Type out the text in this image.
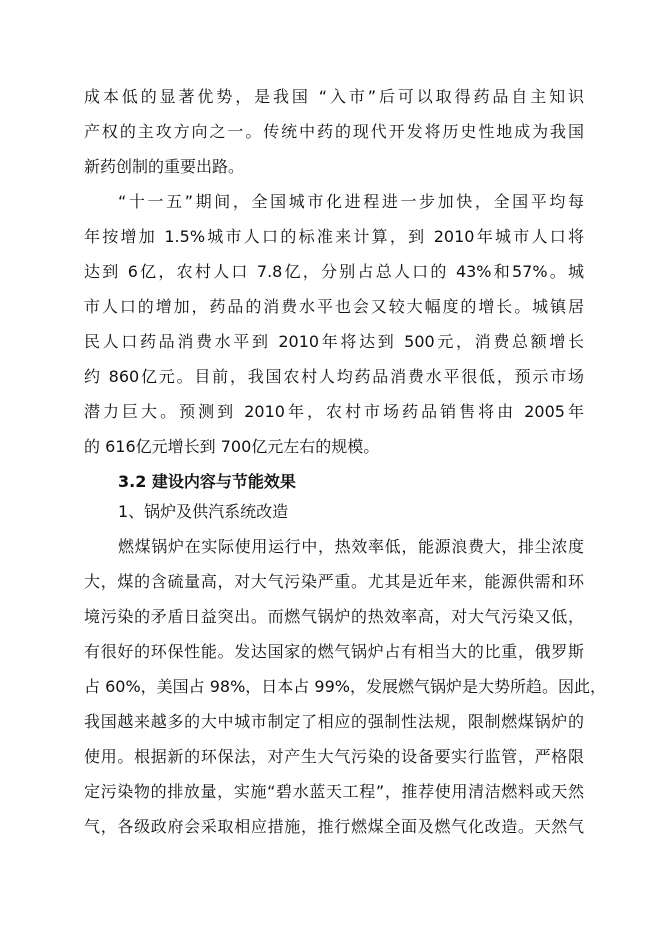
成本低的显著优势，是我国 “入市”后可以取得药品自主知识
产权的主攻方向之一。传统中药的现代开发将历史性地成为我国
新药创制的重要出路。
“十一五”期间，全国城市化进程进一步加快，全国平均每
年按增加 1.5%城市人口的标准来计算，到 2010年城市人口将
达到 6亿，农村人口 7.8亿，分别占总人口的 43%和57%。城
市人口的增加，药品的消费水平也会又较大幅度的增长。城镇居
民人口药品消费水平到 2010年将达到 500元，消费总额增长
约 860亿元。目前，我国农村人均药品消费水平很低，预示市场
潜力巨大。预测到 2010年，农村市场药品销售将由 2005年
的 616亿元增长到 700亿元左右的规模。
3.2 建设内容与节能效果
1、锅炉及供汽系统改造
燃煤锅炉在实际使用运行中，热效率低，能源浪费大，排尘浓度
大，煤的含硫量高，对大气污染严重。尤其是近年来，能源供需和环
境污染的矛盾日益突出。而燃气锅炉的热效率高，对大气污染又低，
有很好的环保性能。发达国家的燃气锅炉占有相当大的比重，俄罗斯
占 60%，美国占 98%，日本占 99%，发展燃气锅炉是大势所趋。因此，
我国越来越多的大中城市制定了相应的强制性法规，限制燃煤锅炉的
使用。根据新的环保法，对产生大气污染的设备要实行监管，严格限
定污染物的排放量，实施“碧水蓝天工程”，推荐使用清洁燃料或天然
气，各级政府会采取相应措施，推行燃煤全面及燃气化改造。天然气
